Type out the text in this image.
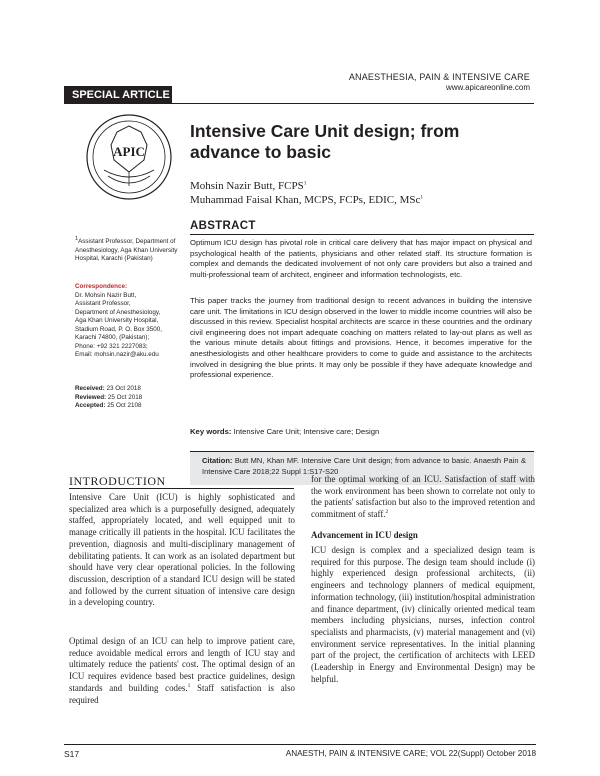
ANAESTHESIA, PAIN & INTENSIVE CARE
www.apicareonline.com
SPECIAL ARTICLE
APIC
Intensive Care Unit design; from advance to basic
Mohsin Nazir Butt, FCPS$^1$
Muhammad Faisal Khan, MCPS, FCPs, EDIC, MSc$^1$
ABSTRACT

Optimum ICU design has pivotal role in critical care delivery that has major impact on physical and psychological health of the patients, physicians and other related staff. Its structure formation is complex and demands the dedicated involvement of not only care providers but also a trained and multi-professional team of architect, engineer and information technologists, etc.

This paper tracks the journey from traditional design to recent advances in building the intensive care unit. The limitations in ICU design observed in the lower to middle income countries will also be discussed in this review. Specialist hospital architects are scarce in these countries and the ordinary civil engineering does not impart adequate coaching on matters related to lay-out plans as well as the various minute details about fittings and provisions. Hence, it becomes imperative for the anesthesiologists and other healthcare providers to come to guide and assistance to the architects involved in designing the blue prints. It may only be possible if they have adequate knowledge and professional experience.

Key words: Intensive Care Unit; Intensive care; Design
Citation: Butt MN, Khan MF. Intensive Care Unit design; from advance to basic. Anaesth Pain & Intensive Care 2018;22 Suppl 1:S17-S20
$^1$Assistant Professor, Department of Anesthesiology, Aga Khan University Hospital, Karachi (Pakistan)
Correspondence:
Dr. Mohsin Nazir Butt,
Assistant Professor,
Department of Anesthesiology,
Aga Khan University Hospital,
Stadium Road, P. O. Box 3500,
Karachi 74800, (Pakistan);
Phone: +92 321 2227083;
Email: mohsin.nazir@aku.edu
Received: 23 Oct 2018
Reviewed: 25 Oct 2018
Accepted: 25 Oct 2108
INTRODUCTION

Intensive Care Unit (ICU) is highly sophisticated and specialized area which is a purposefully designed, adequately staffed, appropriately located, and well equipped unit to manage critically ill patients in the hospital. ICU facilitates the prevention, diagnosis and multi-disciplinary management of debilitating patients. It can work as an isolated department but should have very clear operational policies. In the following discussion, description of a standard ICU design will be stated and followed by the current situation of intensive care design in a developing country.

Optimal design of an ICU can help to improve patient care, reduce avoidable medical errors and length of ICU stay and ultimately reduce the patients' cost. The optimal design of an ICU requires evidence based best practice guidelines, design standards and building codes.$^1$ Staff satisfaction is also required

for the optimal working of an ICU. Satisfaction of staff with the work environment has been shown to correlate not only to the patients' satisfaction but also to the improved retention and commitment of staff.$^2$

Advancement in ICU design

ICU design is complex and a specialized design team is required for this purpose. The design team should include (i) highly experienced design professional architects, (ii) engineers and technology planners of medical equipment, information technology, (iii) institution/hospital administration and finance department, (iv) clinically oriented medical team members including physicians, nurses, infection control specialists and pharmacists, (v) material management and (vi) environment service representatives. In the initial planning part of the project, the certification of architects with LEED (Leadership in Energy and Environmental Design) may be helpful.

S17	ANAESTH, PAIN & INTENSIVE CARE; VOL 22(Suppl) October 2018
